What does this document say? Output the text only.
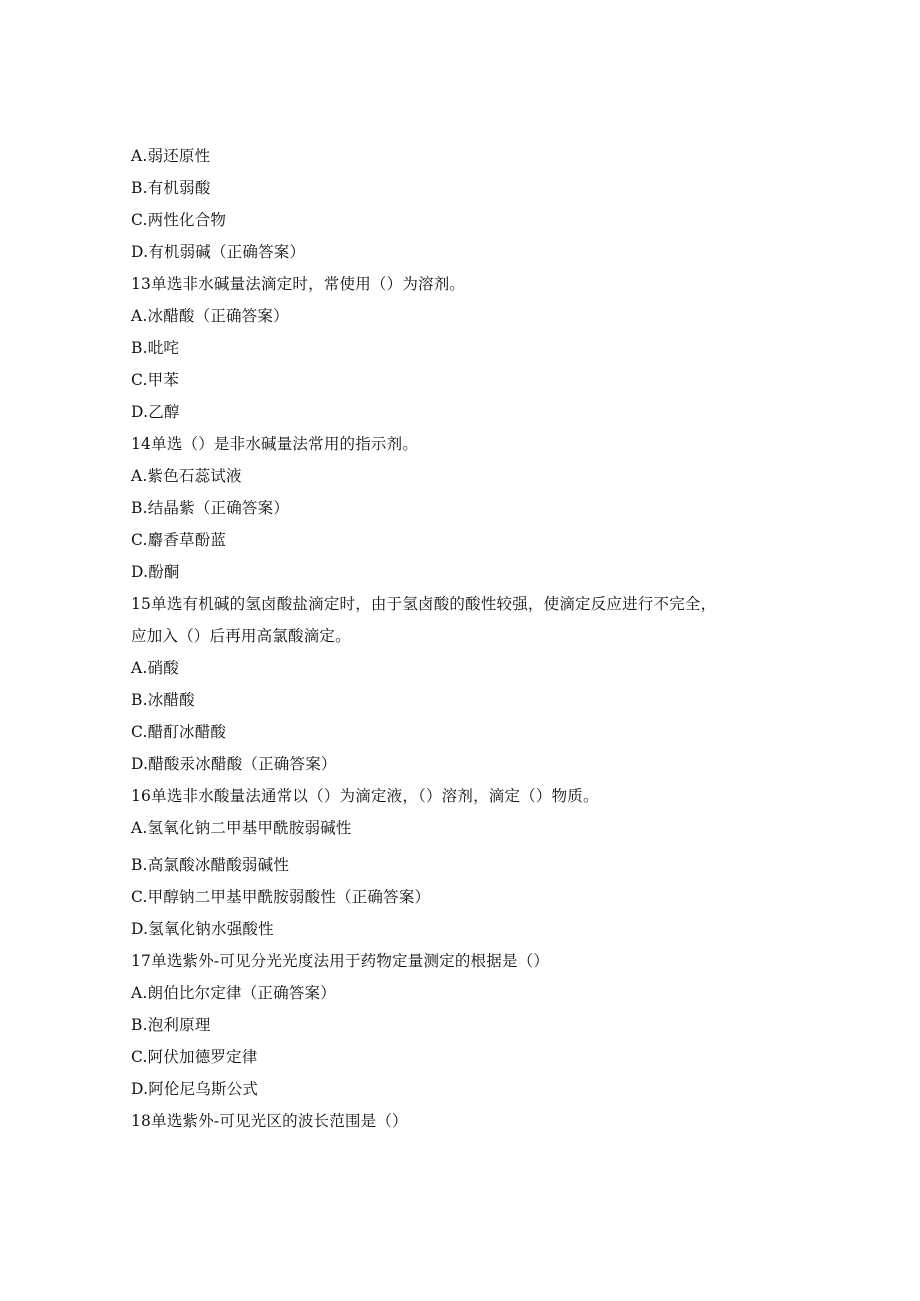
A.弱还原性
B.有机弱酸
C.两性化合物
D.有机弱碱（正确答案）
13单选非水碱量法滴定时，常使用（）为溶剂。
A.冰醋酸（正确答案）
B.吡咤
C.甲苯
D.乙醇
14单选（）是非水碱量法常用的指示剂。
A.紫色石蕊试液
B.结晶紫（正确答案）
C.麝香草酚蓝
D.酚酮
15单选有机碱的氢卤酸盐滴定时，由于氢卤酸的酸性较强，使滴定反应进行不完全，
应加入（）后再用高氯酸滴定。
A.硝酸
B.冰醋酸
C.醋酊冰醋酸
D.醋酸汞冰醋酸（正确答案）
16单选非水酸量法通常以（）为滴定液，（）溶剂，滴定（）物质。
A.氢氧化钠二甲基甲酰胺弱碱性
B.高氯酸冰醋酸弱碱性
C.甲醇钠二甲基甲酰胺弱酸性（正确答案）
D.氢氧化钠水强酸性
17单选紫外-可见分光光度法用于药物定量测定的根据是（）
A.朗伯比尔定律（正确答案）
B.泡利原理
C.阿伏加德罗定律
D.阿伦尼乌斯公式
18单选紫外-可见光区的波长范围是（）
